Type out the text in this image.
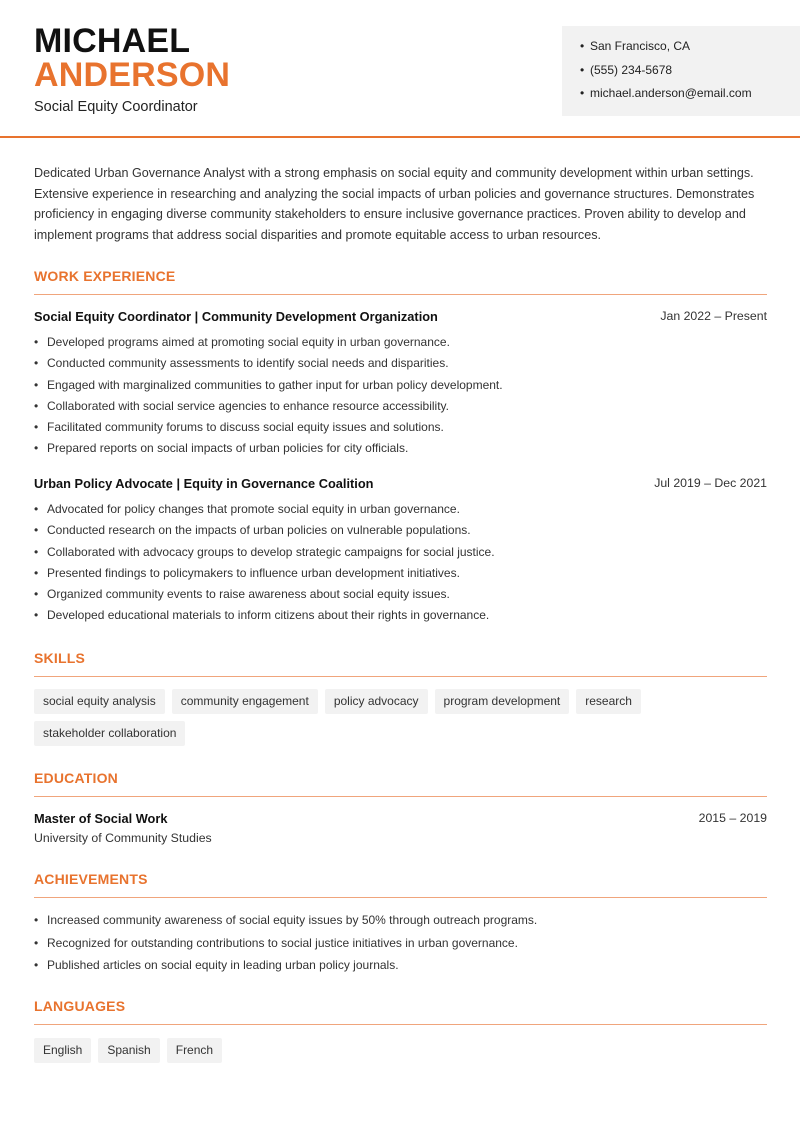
MICHAEL
ANDERSON
Social Equity Coordinator
• San Francisco, CA
• (555) 234-5678
• michael.anderson@email.com

Dedicated Urban Governance Analyst with a strong emphasis on social equity and community development within urban settings. Extensive experience in researching and analyzing the social impacts of urban policies and governance structures. Demonstrates proficiency in engaging diverse community stakeholders to ensure inclusive governance practices. Proven ability to develop and implement programs that address social disparities and promote equitable access to urban resources.

WORK EXPERIENCE
Social Equity Coordinator | Community Development Organization	Jan 2022 – Present
• Developed programs aimed at promoting social equity in urban governance.
• Conducted community assessments to identify social needs and disparities.
• Engaged with marginalized communities to gather input for urban policy development.
• Collaborated with social service agencies to enhance resource accessibility.
• Facilitated community forums to discuss social equity issues and solutions.
• Prepared reports on social impacts of urban policies for city officials.
Urban Policy Advocate | Equity in Governance Coalition	Jul 2019 – Dec 2021
• Advocated for policy changes that promote social equity in urban governance.
• Conducted research on the impacts of urban policies on vulnerable populations.
• Collaborated with advocacy groups to develop strategic campaigns for social justice.
• Presented findings to policymakers to influence urban development initiatives.
• Organized community events to raise awareness about social equity issues.
• Developed educational materials to inform citizens about their rights in governance.
SKILLS
social equity analysis	community engagement	policy advocacy	program development	research
stakeholder collaboration
EDUCATION
Master of Social Work
University of Community Studies
2015 – 2019
ACHIEVEMENTS
• Increased community awareness of social equity issues by 50% through outreach programs.
• Recognized for outstanding contributions to social justice initiatives in urban governance.
• Published articles on social equity in leading urban policy journals.
LANGUAGES
English	Spanish	French
